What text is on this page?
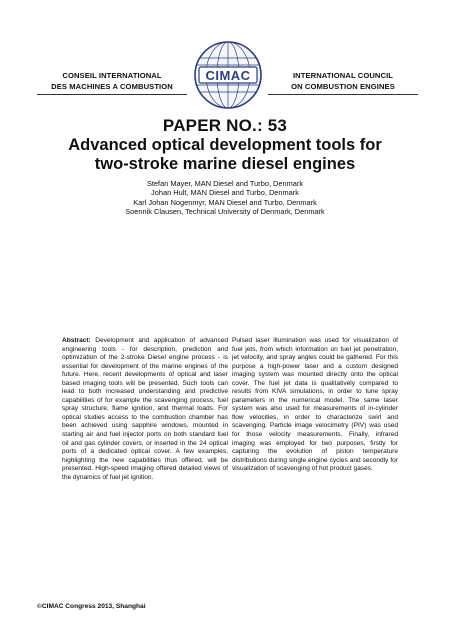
CONSEIL INTERNATIONAL
DES MACHINES A COMBUSTION
CIMAC	INTERNATIONAL COUNCIL
ON COMBUSTION ENGINES
PAPER NO.: 53
Advanced optical development tools for
two-stroke marine diesel engines
Stefan Mayer, MAN Diesel and Turbo, Denmark
Johan Hult, MAN Diesel and Turbo, Denmark
Karl Johan Nogenmyr, MAN Diesel and Turbo, Denmark
Soennik Clausen, Technical University of Denmark, Denmark
Abstract: Development and application of advanced engineering tools - for description, prediction and optimization of the 2-stroke Diesel engine process - is essential for development of the marine engines of the future. Here, recent developments of optical and laser based imaging tools will be presented. Such tools can lead to both increased understanding and predictive capabilities of for example the scavenging process, fuel spray structure, flame ignition, and thermal loads. For optical studies access to the combustion chamber has been achieved using sapphire windows, mounted in starting air and fuel injector ports on both standard fuel oil and gas cylinder covers, or inserted in the 24 optical ports of a dedicated optical cover. A few examples, highlighting the new capabilities thus offered, will be presented. High-speed imaging offered detailed views of the dynamics of fuel jet ignition.
Pulsed laser illumination was used for visualization of fuel jets, from which information on fuel jet penetration, jet velocity, and spray angles could be gathered. For this purpose a high-power laser and a custom designed imaging system was mounted directly onto the optical cover. The fuel jet data is qualitatively compared to results from KIVA simulations, in order to tune spray parameters in the numerical model. The same laser system was also used for measurements of in-cylinder flow velocities, in order to characterize swirl and scavenging. Particle image velocimetry (PIV) was used for those velocity measurements. Finally, infrared imaging was employed for two purposes, firstly for capturing the evolution of piston temperature distributions during single engine cycles and secondly for visualization of scavenging of hot product gases.
©CIMAC Congress 2013, Shanghai
